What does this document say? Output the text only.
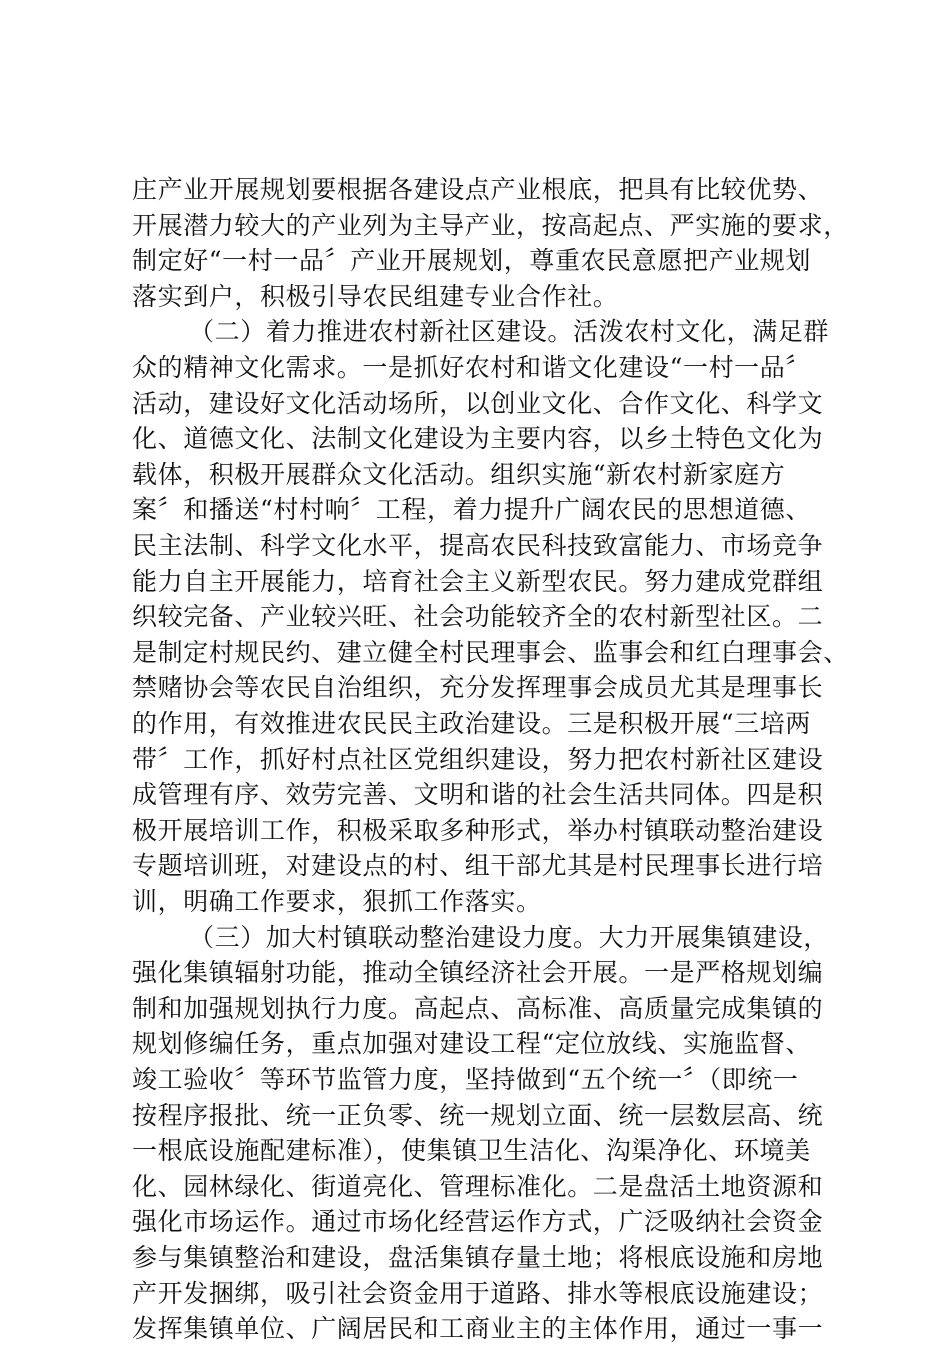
庄产业开展规划要根据各建设点产业根底，把具有比较优势、
开展潜力较大的产业列为主导产业，按高起点、严实施的要求，
制定好“一村一品〞产业开展规划，尊重农民意愿把产业规划
落实到户，积极引导农民组建专业合作社。
（二）着力推进农村新社区建设。活泼农村文化，满足群
众的精神文化需求。一是抓好农村和谐文化建设“一村一品〞
活动，建设好文化活动场所，以创业文化、合作文化、科学文
化、道德文化、法制文化建设为主要内容，以乡土特色文化为
载体，积极开展群众文化活动。组织实施“新农村新家庭方
案〞和播送“村村响〞工程，着力提升广阔农民的思想道德、
民主法制、科学文化水平，提高农民科技致富能力、市场竞争
能力自主开展能力，培育社会主义新型农民。努力建成党群组
织较完备、产业较兴旺、社会功能较齐全的农村新型社区。二
是制定村规民约、建立健全村民理事会、监事会和红白理事会、
禁赌协会等农民自治组织，充分发挥理事会成员尤其是理事长
的作用，有效推进农民民主政治建设。三是积极开展“三培两
带〞工作，抓好村点社区党组织建设，努力把农村新社区建设
成管理有序、效劳完善、文明和谐的社会生活共同体。四是积
极开展培训工作，积极采取多种形式，举办村镇联动整治建设
专题培训班，对建设点的村、组干部尤其是村民理事长进行培
训，明确工作要求，狠抓工作落实。
（三）加大村镇联动整治建设力度。大力开展集镇建设，
强化集镇辐射功能，推动全镇经济社会开展。一是严格规划编
制和加强规划执行力度。高起点、高标准、高质量完成集镇的
规划修编任务，重点加强对建设工程“定位放线、实施监督、
竣工验收〞等环节监管力度，坚持做到“五个统一〞（即统一
按程序报批、统一正负零、统一规划立面、统一层数层高、统
一根底设施配建标准），使集镇卫生洁化、沟渠净化、环境美
化、园林绿化、街道亮化、管理标准化。二是盘活土地资源和
强化市场运作。通过市场化经营运作方式，广泛吸纳社会资金
参与集镇整治和建设，盘活集镇存量土地；将根底设施和房地
产开发捆绑，吸引社会资金用于道路、排水等根底设施建设；
发挥集镇单位、广阔居民和工商业主的主体作用，通过一事一
